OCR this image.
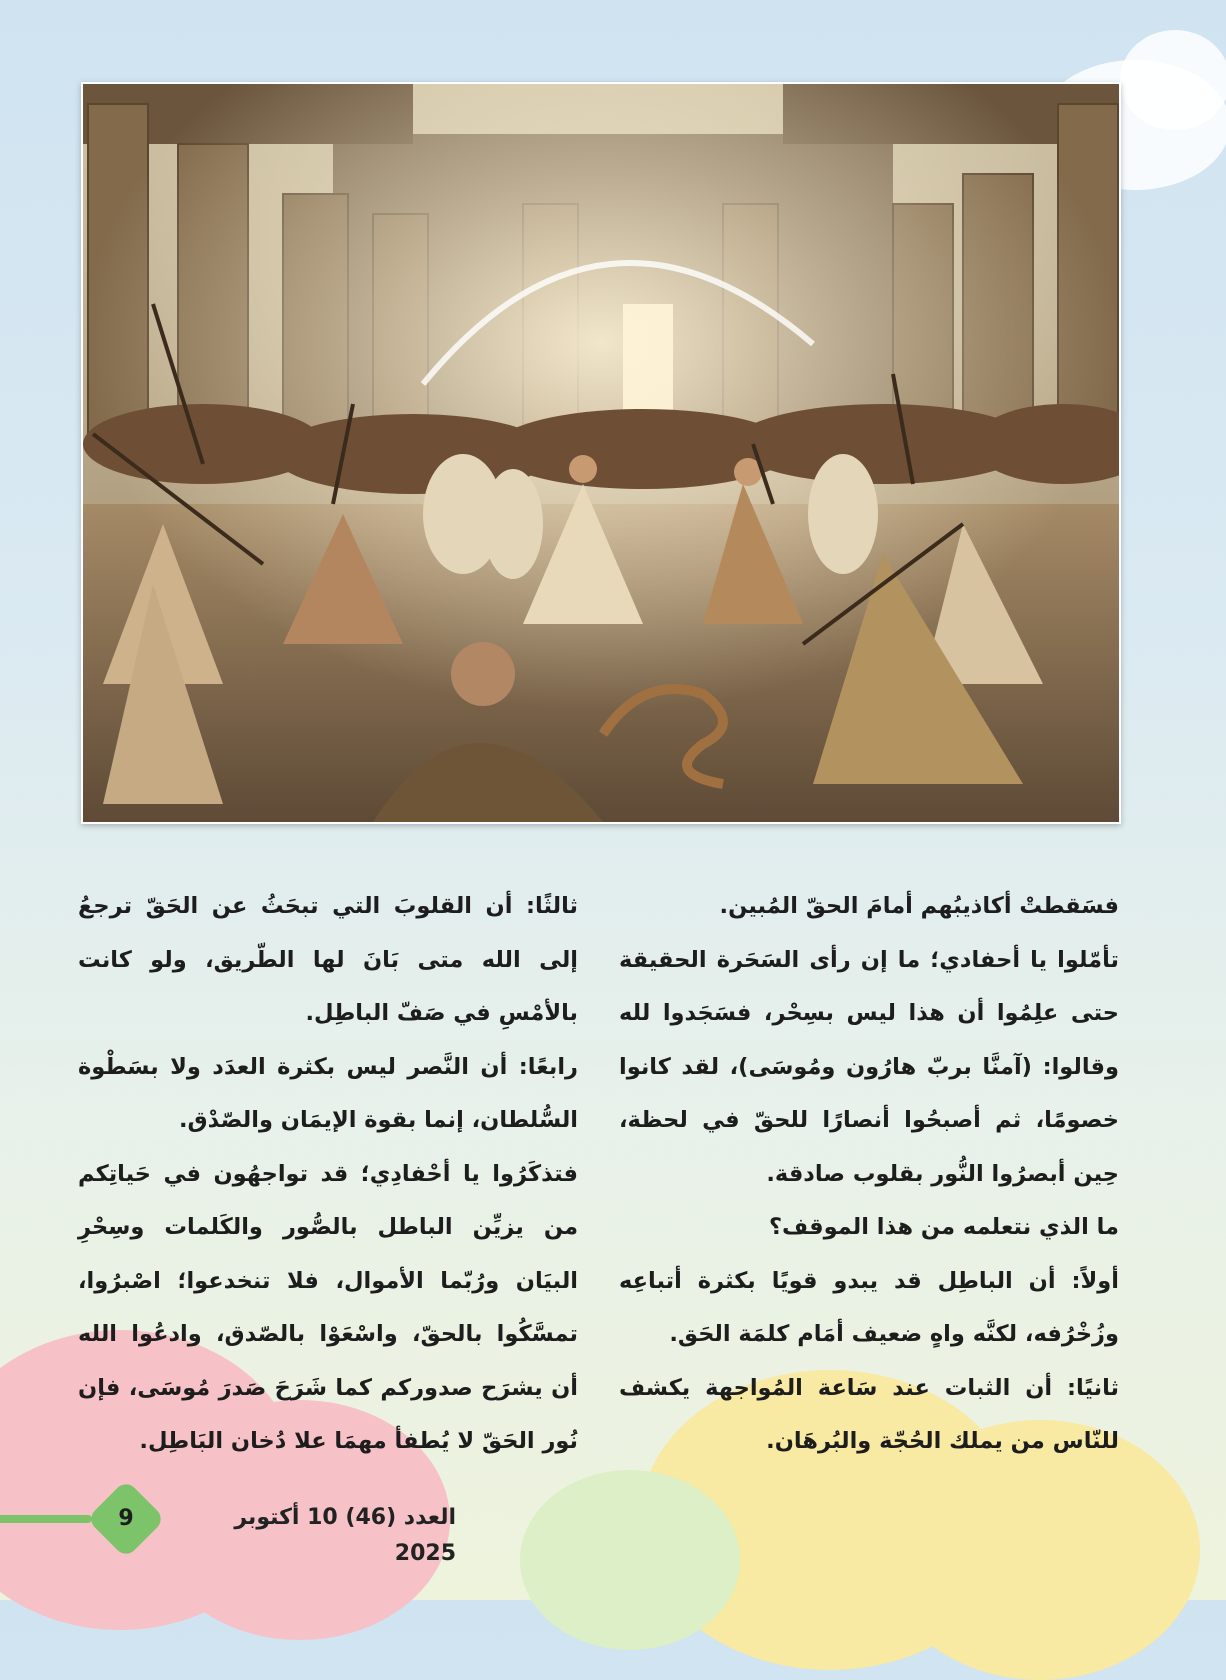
فسَقطتْ أكاذيبُهم أمامَ الحقّ المُبين.

تأمّلوا يا أحفادي؛ ما إن رأى السَحَرة الحقيقة حتى علِمُوا أن هذا ليس بسِحْر، فسَجَدوا لله وقالوا: (آمنَّا بربّ هارُون ومُوسَى)، لقد كانوا خصومًا، ثم أصبحُوا أنصارًا للحقّ في لحظة، حِين أبصرُوا النُّور بقلوب صادقة.

ما الذي نتعلمه من هذا الموقف؟

أولاً: أن الباطِل قد يبدو قويًا بكثرة أتباعِه وزُخْرُفه، لكنَّه واهٍ ضعيف أمَام كلمَة الحَق.

ثانيًا: أن الثبات عند سَاعة المُواجهة يكشف للنّاس من يملك الحُجّة والبُرهَان.

ثالثًا: أن القلوبَ التي تبحَثُ عن الحَقّ ترجعُ إلى الله متى بَانَ لها الطّريق، ولو كانت بالأمْسِ في صَفّ الباطِل.

رابعًا: أن النَّصر ليس بكثرة العدَد ولا بسَطْوة السُّلطان، إنما بقوة الإيمَان والصّدْق.

فتذكَرُوا يا أحْفادِي؛ قد تواجهُون في حَياتِكم من يزيِّن الباطل بالصُّور والكَلمات وسِحْرِ البيَان ورُبّما الأموال، فلا تنخدعوا؛ اصْبرُوا، تمسَّكُوا بالحقّ، واسْعَوْا بالصّدق، وادعُوا الله أن يشرَح صدوركم كما شَرَحَ صَدرَ مُوسَى، فإن نُور الحَقّ لا يُطفأ مهمَا علا دُخان البَاطِل.

9	العدد (46) 10 أكتوبر 2025
